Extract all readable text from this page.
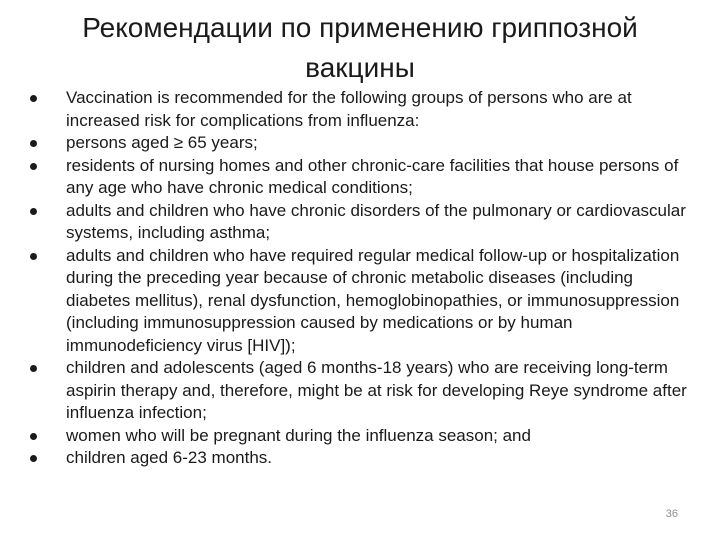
Рекомендации по применению гриппозной
вакцины
Vaccination is recommended for the following groups of persons who are at increased risk for complications from influenza:
persons aged ≥ 65 years;
residents of nursing homes and other chronic-care facilities that house persons of any age who have chronic medical conditions;
adults and children who have chronic disorders of the pulmonary or cardiovascular systems, including asthma;
adults and children who have required regular medical follow-up or hospitalization during the preceding year because of chronic metabolic diseases (including diabetes mellitus), renal dysfunction, hemoglobinopathies, or immunosuppression (including immunosuppression caused by medications or by human immunodeficiency virus [HIV]);
children and adolescents (aged 6 months-18 years) who are receiving long-term aspirin therapy and, therefore, might be at risk for developing Reye syndrome after influenza infection;
women who will be pregnant during the influenza season; and
children aged 6-23 months.
36
